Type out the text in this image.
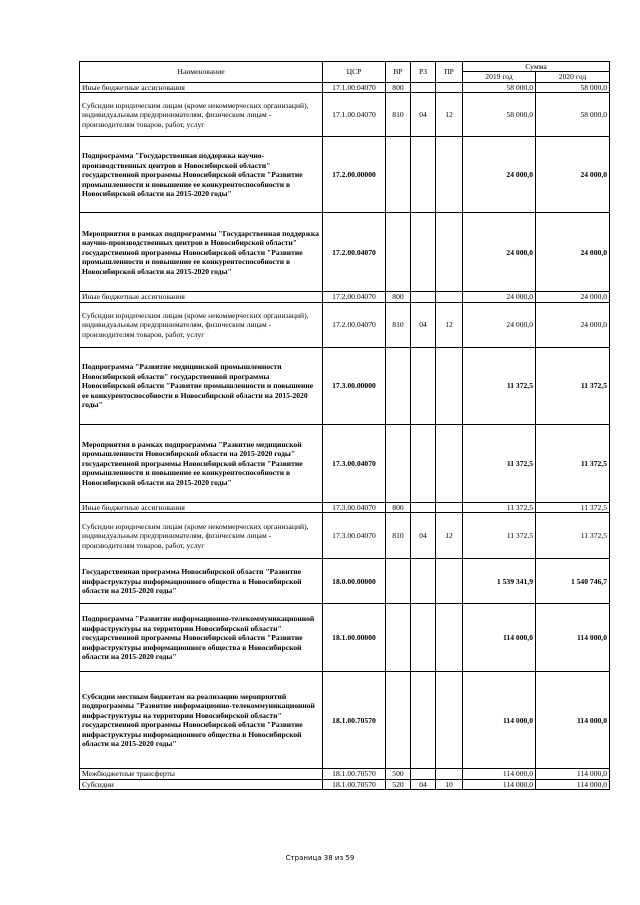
Наименование	ЦСР	ВР	РЗ	ПР	Сумма	
					2019 год	2020 год
Иные бюджетные ассигнования	17.1.00.04070	800			58 000,0	58 000,0
Субсидии юридическим лицам (кроме некоммерческих организаций), индивидуальным предпринимателям, физическим лицам - производителям товаров, работ, услуг	17.1.00.04070	810	04	12	58 000,0	58 000,0
Подпрограмма "Государственная поддержка научно-производственных центров в Новосибирской области" государственной программы Новосибирской области "Развитие промышленности и повышение ее конкурентоспособности в Новосибирской области на 2015-2020 годы"	17.2.00.00000				24 000,0	24 000,0
Мероприятия в рамках подпрограммы "Государственная поддержка научно-производственных центров в Новосибирской области" государственной программы Новосибирской области "Развитие промышленности и повышение ее конкурентоспособности в Новосибирской области на 2015-2020 годы"	17.2.00.04070				24 000,0	24 000,0
Иные бюджетные ассигнования	17.2.00.04070	800			24 000,0	24 000,0
Субсидии юридическим лицам (кроме некоммерческих организаций), индивидуальным предпринимателям, физическим лицам - производителям товаров, работ, услуг	17.2.00.04070	810	04	12	24 000,0	24 000,0
Подпрограмма "Развитие медицинской промышленности Новосибирской области" государственной программы Новосибирской области "Развитие промышленности и повышение ее конкурентоспособности в Новосибирской области на 2015-2020 годы"	17.3.00.00000				11 372,5	11 372,5
Мероприятия в рамках подпрограммы "Развитие медицинской промышленности Новосибирской области на 2015-2020 годы" государственной программы Новосибирской области "Развитие промышленности и повышение ее конкурентоспособности в Новосибирской области на 2015-2020 годы"	17.3.00.04070				11 372,5	11 372,5
Иные бюджетные ассигнования	17.3.00.04070	800			11 372,5	11 372,5
Субсидии юридическим лицам (кроме некоммерческих организаций), индивидуальным предпринимателям, физическим лицам - производителям товаров, работ, услуг	17.3.00.04070	810	04	12	11 372,5	11 372,5
Государственная программа Новосибирской области "Развитие инфраструктуры информационного общества в Новосибирской области на 2015-2020 годы"	18.0.00.00000				1 539 341,9	1 540 746,7
Подпрограмма "Развитие информационно-телекоммуникационной инфраструктуры на территории Новосибирской области" государственной программы Новосибирской области "Развитие инфраструктуры информационного общества в Новосибирской области на 2015-2020 годы"	18.1.00.00000				114 000,0	114 000,0
Субсидии местным бюджетам на реализацию мероприятий подпрограммы "Развитие информационно-телекоммуникационной инфраструктуры на территории Новосибирской области" государственной программы Новосибирской области "Развитие инфраструктуры информационного общества в Новосибирской области на 2015-2020 годы"	18.1.00.70570				114 000,0	114 000,0
Межбюджетные трансферты	18.1.00.70570	500			114 000,0	114 000,0
Субсидии	18.1.00.70570	520	04	10	114 000,0	114 000,0
Страница 38 из 59
